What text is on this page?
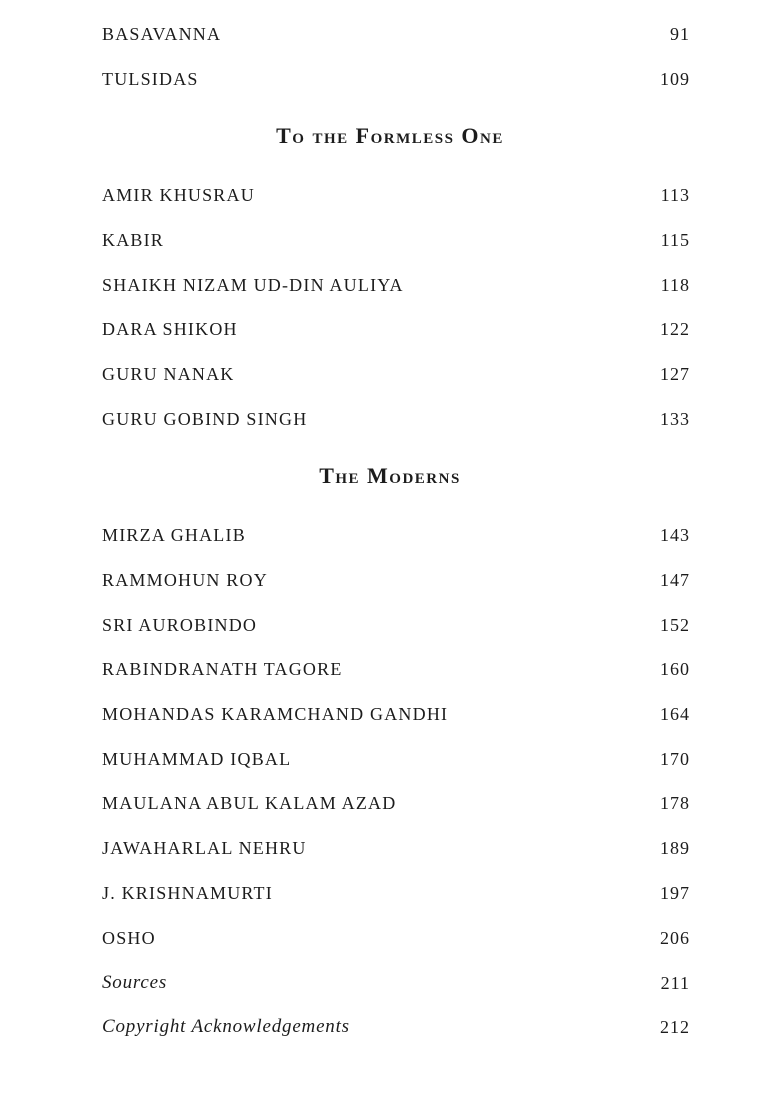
BASAVANNA	91
TULSIDAS	109
To the Formless One
AMIR KHUSRAU	113
KABIR	115
SHAIKH NIZAM UD-DIN AULIYA	118
DARA SHIKOH	122
GURU NANAK	127
GURU GOBIND SINGH	133
The Moderns
MIRZA GHALIB	143
RAMMOHUN ROY	147
SRI AUROBINDO	152
RABINDRANATH TAGORE	160
MOHANDAS KARAMCHAND GANDHI	164
MUHAMMAD IQBAL	170
MAULANA ABUL KALAM AZAD	178
JAWAHARLAL NEHRU	189
J. KRISHNAMURTI	197
OSHO	206
Sources	211
Copyright Acknowledgements	212
